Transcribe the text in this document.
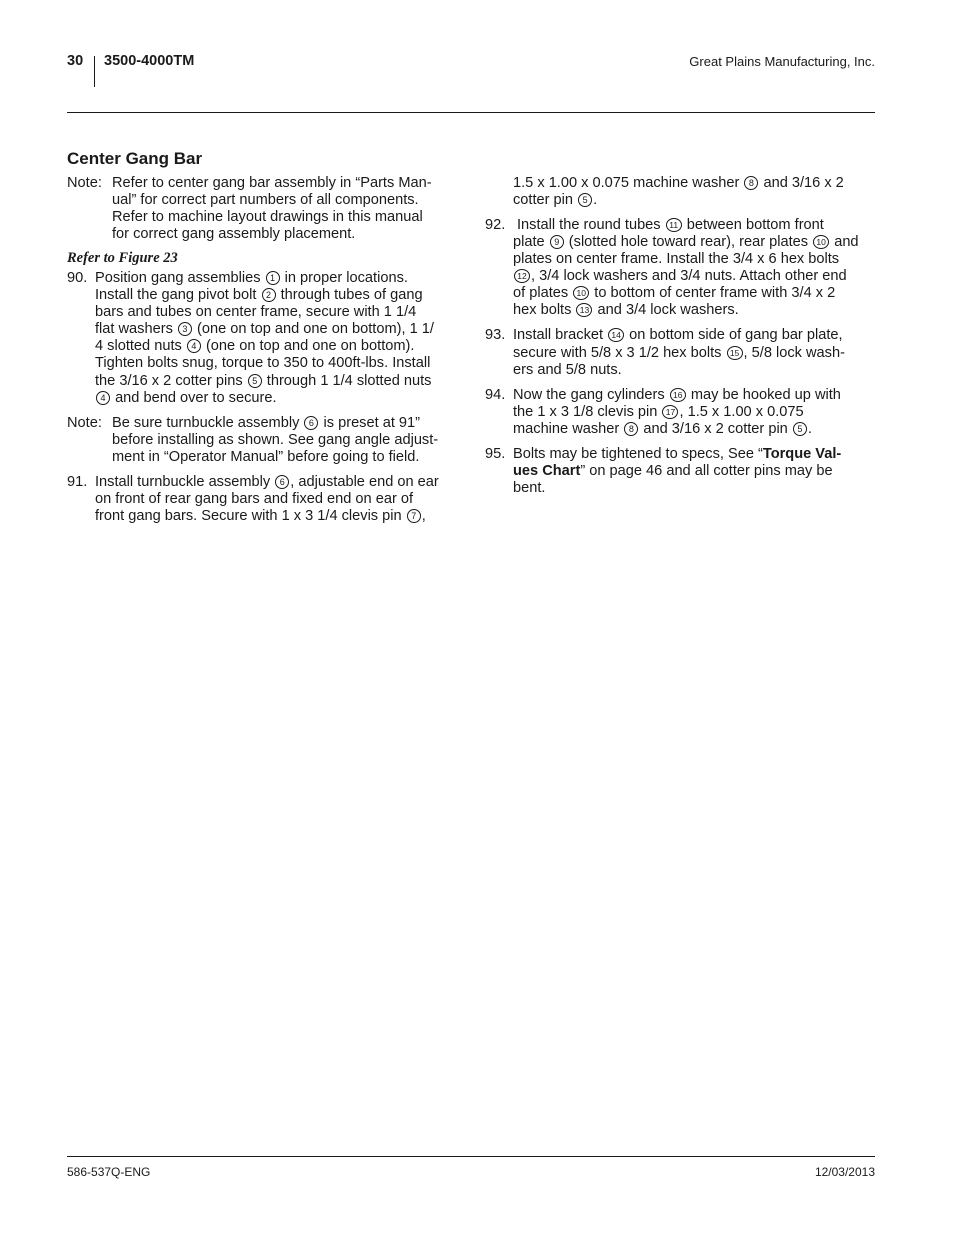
30 3500-4000TM	Great Plains Manufacturing, Inc.
Center Gang Bar
Note: Refer to center gang bar assembly in “Parts Man-
ual” for correct part numbers of all components.
Refer to machine layout drawings in this manual
for correct gang assembly placement.
Refer to Figure 23
90. Position gang assemblies 1 in proper locations.
Install the gang pivot bolt 2 through tubes of gang
bars and tubes on center frame, secure with 1 1/4
flat washers 3 (one on top and one on bottom), 1 1/
4 slotted nuts 4 (one on top and one on bottom).
Tighten bolts snug, torque to 350 to 400ft-lbs. Install
the 3/16 x 2 cotter pins 5 through 1 1/4 slotted nuts
4 and bend over to secure.
Note: Be sure turnbuckle assembly 6 is preset at 91”
before installing as shown. See gang angle adjust-
ment in “Operator Manual” before going to field.
91. Install turnbuckle assembly 6 , adjustable end on ear
on front of rear gang bars and fixed end on ear of
front gang bars. Secure with 1 x 3 1/4 clevis pin 7 ,
1.5 x 1.00 x 0.075 machine washer 8 and 3/16 x 2
cotter pin 5 .
92. Install the round tubes 11 between bottom front
plate 9 (slotted hole toward rear), rear plates 10 and
plates on center frame. Install the 3/4 x 6 hex bolts
12 , 3/4 lock washers and 3/4 nuts. Attach other end
of plates 10 to bottom of center frame with 3/4 x 2
hex bolts 13 and 3/4 lock washers.
93. Install bracket 14 on bottom side of gang bar plate,
secure with 5/8 x 3 1/2 hex bolts 15 , 5/8 lock wash-
ers and 5/8 nuts.
94. Now the gang cylinders 16 may be hooked up with
the 1 x 3 1/8 clevis pin 17 , 1.5 x 1.00 x 0.075
machine washer 8 and 3/16 x 2 cotter pin 5 .
95. Bolts may be tightened to specs, See “Torque Val-
ues Chart” on page 46 and all cotter pins may be
bent.
586-537Q-ENG	12/03/2013
